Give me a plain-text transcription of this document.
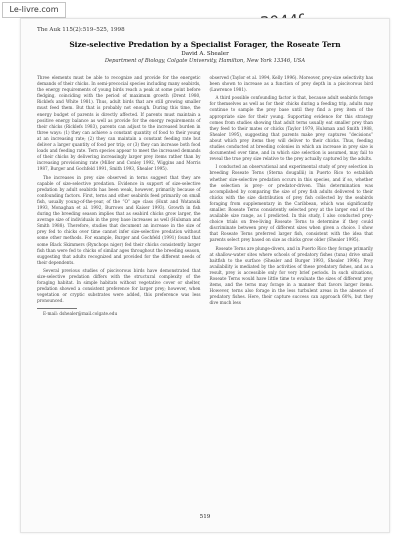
Le-livre.com
The Auk 115(2):519–525, 1998
Size-selective Predation by a Specialist Forager, the Roseate Tern
David A. Shealer
Department of Biology, Colgate University, Hamilton, New York 13346, USA

Three elements must be able to recognize and provide for the energetic demands of their chicks. In semi-precocial species including many seabirds, the energy requirements of young birds reach a peak at some point before fledging, coinciding with the period of maximum growth (Drent 1980, Ricklefs and White 1981). Thus, adult birds that are still growing smaller must feed them. But that is probably not enough. During this time, the energy budget of parents is directly affected. If parents must maintain a positive energy balance as well as provide for the energy requirements of their chicks (Ricklefs 1983), parents can adjust to the increased burden in three ways: (1) they can achieve a constant quantity of food to their young at an increasing rate; (2) they can maintain a constant feeding rate but deliver a larger quantity of food per trip; or (3) they can increase both food loads and feeding rate. Tern species appear to meet the increased demands of their chicks by delivering increasingly larger prey items rather than by increasing provisioning rate (Miller and Conley 1992, Wiggins and Morris 1987, Burger and Gochfeld 1991, Smith 1993, Shealer 1995).

The increases in prey size observed in terns suggest that they are capable of size-selective predation. Evidence in support of size-selective predation by adult seabirds has been weak, however, primarily because of confounding factors. First, terns and other seabirds feed primarily on small fish, usually young-of-the-year, of the “O” age class (Hunt and Watanuki 1993, Monaghan et al. 1992, Burrows and Kaiser 1993). Growth in fish during the breeding season implies that as seabird chicks grow larger, the average size of individuals in the prey base increases as well (Hulsman and Smith 1988). Therefore, studies that document an increase in the size of prey fed to chicks over time cannot infer size-selective predation without some other methods. For example, Burger and Gochfeld (1991) found that some Black Skimmers (Rynchops niger) fed their chicks consistently larger fish than were fed to chicks of similar ages throughout the breeding season, suggesting that adults recognized and provided for the different needs of their dependents.

Several previous studies of piscivorous birds have demonstrated that size-selective predation differs with the structural complexity of the foraging habitat. In simple habitats without vegetative cover or shelter, predation showed a consistent preference for larger prey; however, when vegetation or cryptic substrates were added, this preference was less pronounced.

E-mail: dshealer@mail.colgate.edu

observed (Taylor et al. 1994, Kelly 1996). Moreover, prey-size selectivity has been shown to increase as a function of prey depth in a piscivorous bird (Lawrence 1981).

A third possible confounding factor is that, because adult seabirds forage for themselves as well as for their chicks during a feeding trip, adults may continue to sample the prey base until they find a prey item of the appropriate size for their young. Supporting evidence for this strategy comes from studies showing that adult terns usually eat smaller prey than they feed to their mates or chicks (Taylor 1979, Hulsman and Smith 1988, Shealer 1995), suggesting that parents make prey captures “decisions” about which prey items they will deliver to their chicks. Thus, feeding studies conducted at breeding colonies in which an increase in prey size is documented over time, and in which size selection is assumed, may fail to reveal the true prey size relative to the prey actually captured by the adults.

I conducted an observational and experimental study of prey selection in breeding Roseate Terns (Sterna dougallii) in Puerto Rico to establish whether size-selective predation occurs in this species, and if so, whether the selection is prey- or predator-driven. This determination was accomplished by comparing the size of prey fish adults delivered to their chicks with the size distribution of prey fish collected by the seabirds foraging from supplementary in the Caribbean, which was significantly smaller. Roseate Terns consistently selected prey at the larger end of the available size range, as I predicted. In this study, I also conducted prey-choice trials on free-living Roseate Terns to determine if they could discriminate between prey of different sizes when given a choice. I show that Roseate Terns preferred larger fish, consistent with the idea that parents select prey based on size as chicks grow older (Shealer 1995).

Roseate Terns are plunge-divers, and in Puerto Rico they forage primarily at shallow-water sites where schools of predatory fishes (tuna) drive small baitfish to the surface (Shealer and Burger 1993, Shealer 1996). Prey availability is mediated by the activities of these predatory fishes, and as a result, prey is accessible only for very brief periods. In such situations, Roseate Terns would have little time to evaluate the sizes of different prey items, and the terns may forage in a manner that favors larger items. However, terns also forage in the less turbulent areas in the absence of predatory fishes. Here, their capture success can approach 60%, but they dive much less

519
